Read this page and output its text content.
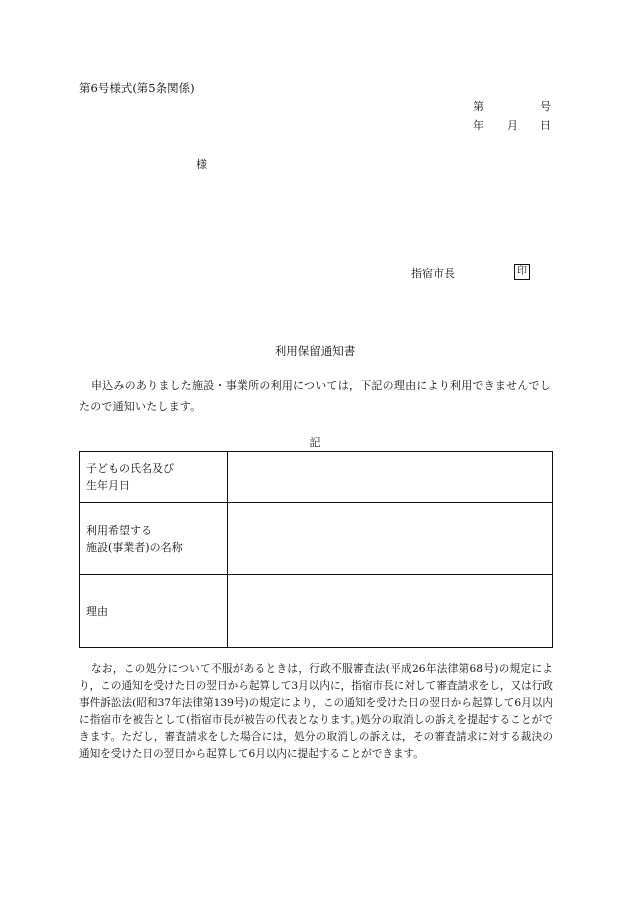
第6号様式(第5条関係)
第	号
年 月 日
様
指宿市長	印
利用保留通知書
申込みのありました施設・事業所の利用については，下記の理由により利用できませんでしたので通知いたします。
記
子どもの氏名及び
生年月日	

利用希望する
施設(事業者)の名称	

理由	

なお，この処分について不服があるときは，行政不服審査法(平成26年法律第68号)の規定により，この通知を受けた日の翌日から起算して3月以内に，指宿市長に対して審査請求をし，又は行政事件訴訟法(昭和37年法律第139号)の規定により，この通知を受けた日の翌日から起算して6月以内に指宿市を被告として(指宿市長が被告の代表となります。)処分の取消しの訴えを提起することができます。ただし，審査請求をした場合には，処分の取消しの訴えは，その審査請求に対する裁決の通知を受けた日の翌日から起算して6月以内に提起することができます。
